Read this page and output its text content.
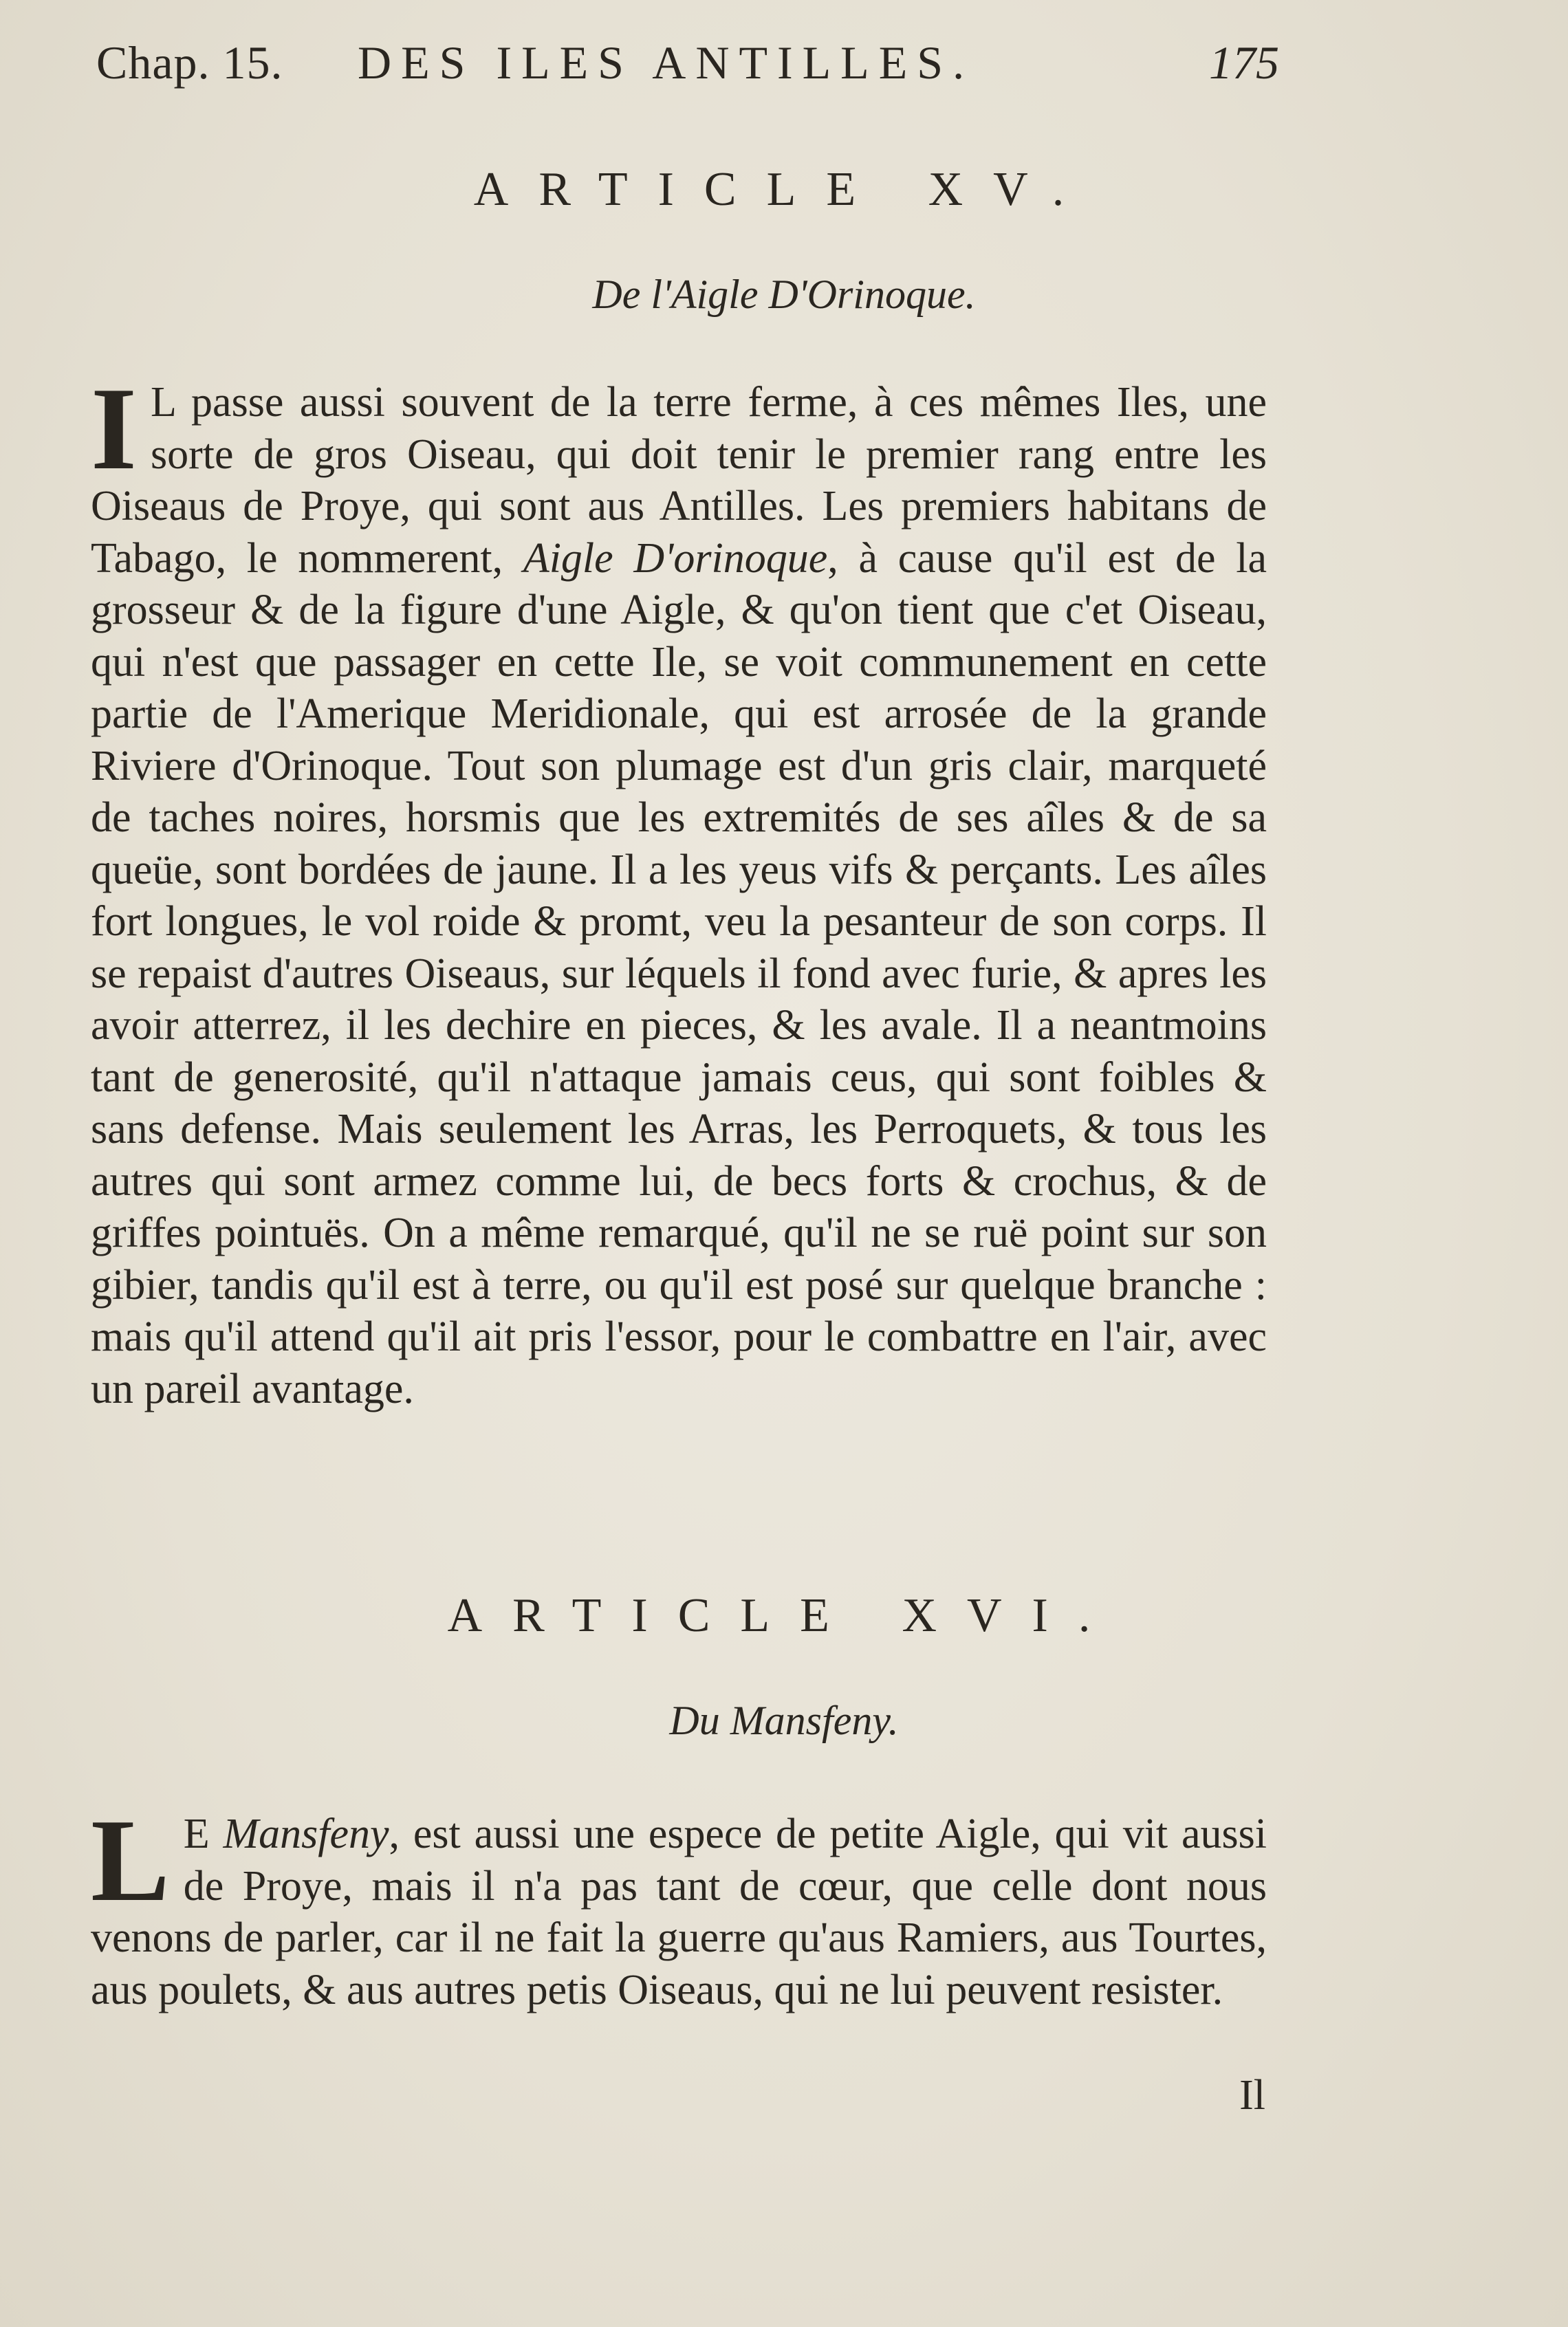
Chap. 15. DES ILES ANTILLES.	175
ARTICLE XV.
De l'Aigle D'Orinoque.

I L passe aussi souvent de la terre ferme, à ces mêmes Iles, une sorte de gros Oiseau, qui doit tenir le premier rang entre les Oiseaus de Proye, qui sont aus Antilles. Les premiers habitans de Tabago, le nommerent, Aigle D'orinoque, à cause qu'il est de la grosseur & de la figure d'une Aigle, & qu'on tient que c'et Oiseau, qui n'est que passager en cette Ile, se voit communement en cette partie de l'Amerique Meridionale, qui est arrosée de la grande Riviere d'Orinoque. Tout son plumage est d'un gris clair, marqueté de taches noires, horsmis que les extremités de ses aîles & de sa queüe, sont bordées de jaune. Il a les yeus vifs & perçants. Les aîles fort longues, le vol roide & promt, veu la pesanteur de son corps. Il se repaist d'autres Oiseaus, sur léquels il fond avec furie, & apres les avoir atterrez, il les dechire en pieces, & les avale. Il a neantmoins tant de generosité, qu'il n'attaque jamais ceus, qui sont foibles & sans defense. Mais seulement les Arras, les Perroquets, & tous les autres qui sont armez comme lui, de becs forts & crochus, & de griffes pointuës. On a même remarqué, qu'il ne se ruë point sur son gibier, tandis qu'il est à terre, ou qu'il est posé sur quelque branche : mais qu'il attend qu'il ait pris l'essor, pour le combattre en l'air, avec un pareil avantage.

ARTICLE XVI.
Du Mansfeny.

L E Mansfeny, est aussi une espece de petite Aigle, qui vit aussi de Proye, mais il n'a pas tant de cœur, que celle dont nous venons de parler, car il ne fait la guerre qu'aus Ramiers, aus Tourtes, aus poulets, & aus autres petis Oiseaus, qui ne lui peuvent resister.

Il
